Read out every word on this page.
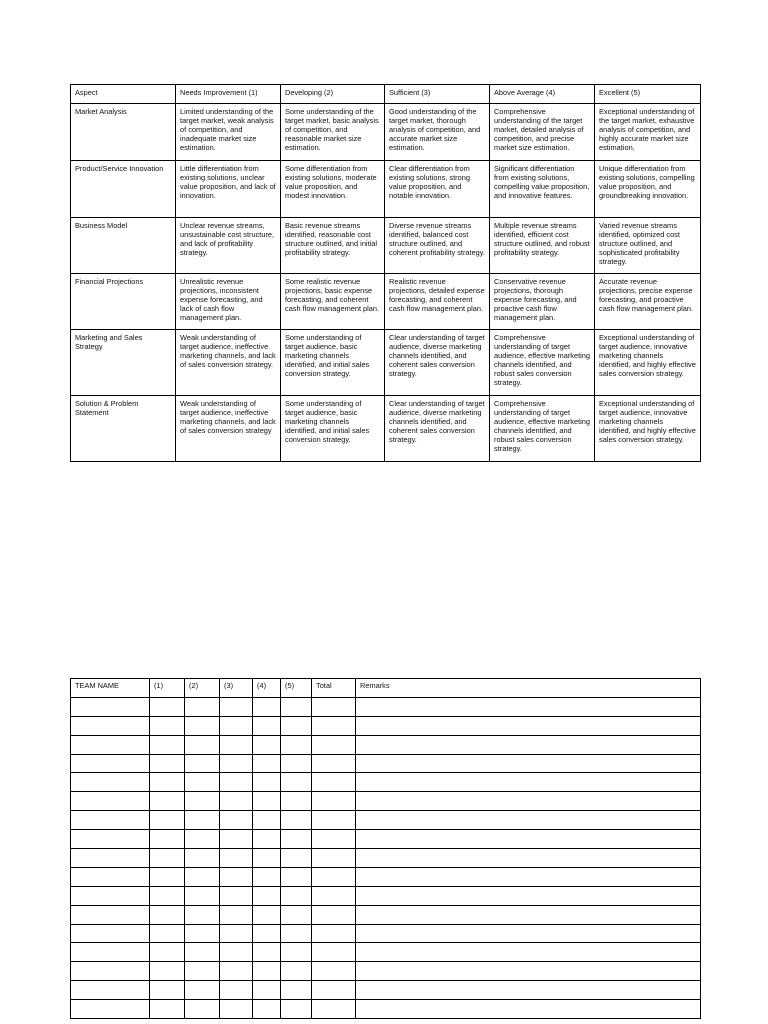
Aspect	Needs Improvement (1)	Developing (2)	Sufficient (3)	Above Average (4)	Excellent (5)
Market Analysis	Limited understanding of the target market, weak analysis of competition, and inadequate market size estimation.	Some understanding of the target market, basic analysis of competition, and reasonable market size estimation.	Good understanding of the target market, thorough analysis of competition, and accurate market size estimation.	Comprehensive understanding of the target market, detailed analysis of competition, and precise market size estimation.	Exceptional understanding of the target market, exhaustive analysis of competition, and highly accurate market size estimation.
Product/Service Innovation	Little differentiation from existing solutions, unclear value proposition, and lack of innovation.	Some differentiation from existing solutions, moderate value proposition, and modest innovation.	Clear differentiation from existing solutions, strong value proposition, and notable innovation.	Significant differentiation from existing solutions, compelling value proposition, and innovative features.	Unique differentiation from existing solutions, compelling value proposition, and groundbreaking innovation.
Business Model	Unclear revenue streams, unsustainable cost structure, and lack of profitability strategy.	Basic revenue streams identified, reasonable cost structure outlined, and initial profitability strategy.	Diverse revenue streams identified, balanced cost structure outlined, and coherent profitability strategy.	Multiple revenue streams identified, efficient cost structure outlined, and robust profitability strategy.	Varied revenue streams identified, optimized cost structure outlined, and sophisticated profitability strategy.
Financial Projections	Unrealistic revenue projections, inconsistent expense forecasting, and lack of cash flow management plan.	Some realistic revenue projections, basic expense forecasting, and coherent cash flow management plan.	Realistic revenue projections, detailed expense forecasting, and coherent cash flow management plan.	Conservative revenue projections, thorough expense forecasting, and proactive cash flow management plan.	Accurate revenue projections, precise expense forecasting, and proactive cash flow management plan.
Marketing and Sales Strategy	Weak understanding of target audience, ineffective marketing channels, and lack of sales conversion strategy.	Some understanding of target audience, basic marketing channels identified, and initial sales conversion strategy.	Clear understanding of target audience, diverse marketing channels identified, and coherent sales conversion strategy.	Comprehensive understanding of target audience, effective marketing channels identified, and robust sales conversion strategy.	Exceptional understanding of target audience, innovative marketing channels identified, and highly effective sales conversion strategy.
Solution & Problem Statement	Weak understanding of target audience, ineffective marketing channels, and lack of sales conversion strategy	Some understanding of target audience, basic marketing channels identified, and initial sales conversion strategy.	Clear understanding of target audience, diverse marketing channels identified, and coherent sales conversion strategy.	Comprehensive understanding of target audience, effective marketing channels identified, and robust sales conversion strategy.	Exceptional understanding of target audience, innovative marketing channels identified, and highly effective sales conversion strategy.
TEAM NAME	(1)	(2)	(3)	(4)	(5)	Total	Remarks
